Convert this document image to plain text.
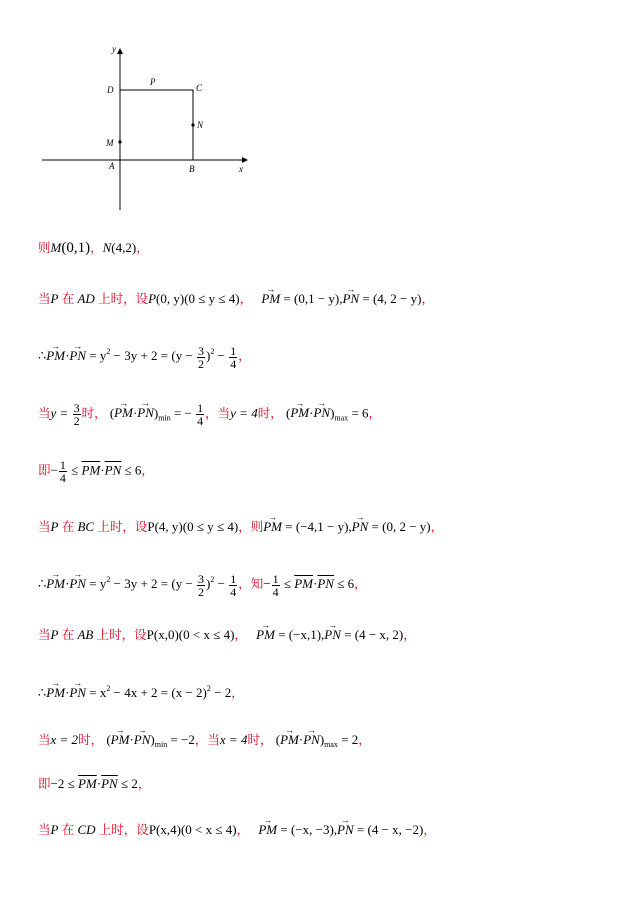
y
x
D
P
C
N
M
A	B
则M(0,1)，N(4,2)，
当P 在 AD 上时，设P(0, y)(0 ≤ y ≤ 4)， → PM = (0,1 − y),→ PN = (4, 2 − y)，
∴→ PM·→ PN = $y^2 - 3y + 2 = (y - \frac{3}{2} )^2 - \frac{1}{4}$ ，
当$y = \frac{3}{2}$ 时， (→ $PM\cdot\to PN)_{min}$ = − $\frac{1}{4}$ ，当y = 4时， (→ $PM\cdot\to PN)_{max} = 6$，
即− $\frac{1}{4} \le \overline{PM}\cdot\overline{PN} \le 6$，
当P 在 BC 上时，设P(4, y)(0 ≤ y ≤ 4)，则→ PM = (−4,1 − y),→ PN = (0, 2 − y)，
∴→ PM·→ PN = $y^2 - 3y + 2 = (y - \frac{3}{2} )^2 - \frac{1}{4}$ ，知− $\frac{1}{4} \le \overline{PM}\cdot\overline{PN} \le 6$，
当P 在 AB 上时，设P(x,0)(0 < x ≤ 4)， → PM = (−x,1),→ PN = (4 − x, 2)，
∴→ PM·→ PN = $x^2 - 4x + 2 = (x - 2)^2 - 2$，
当x = 2时， (→ $PM\cdot\to PN)_{min} = -2$，当x = 4时， (→ $PM\cdot\to PN)_{max} = 2$，
即$-2 \le \overline{PM}\cdot\overline{PN} \le 2$，
当P 在 CD 上时，设P(x,4)(0 < x ≤ 4)， → PM = (−x, −3),→ PN = (4 − x, −2)，
